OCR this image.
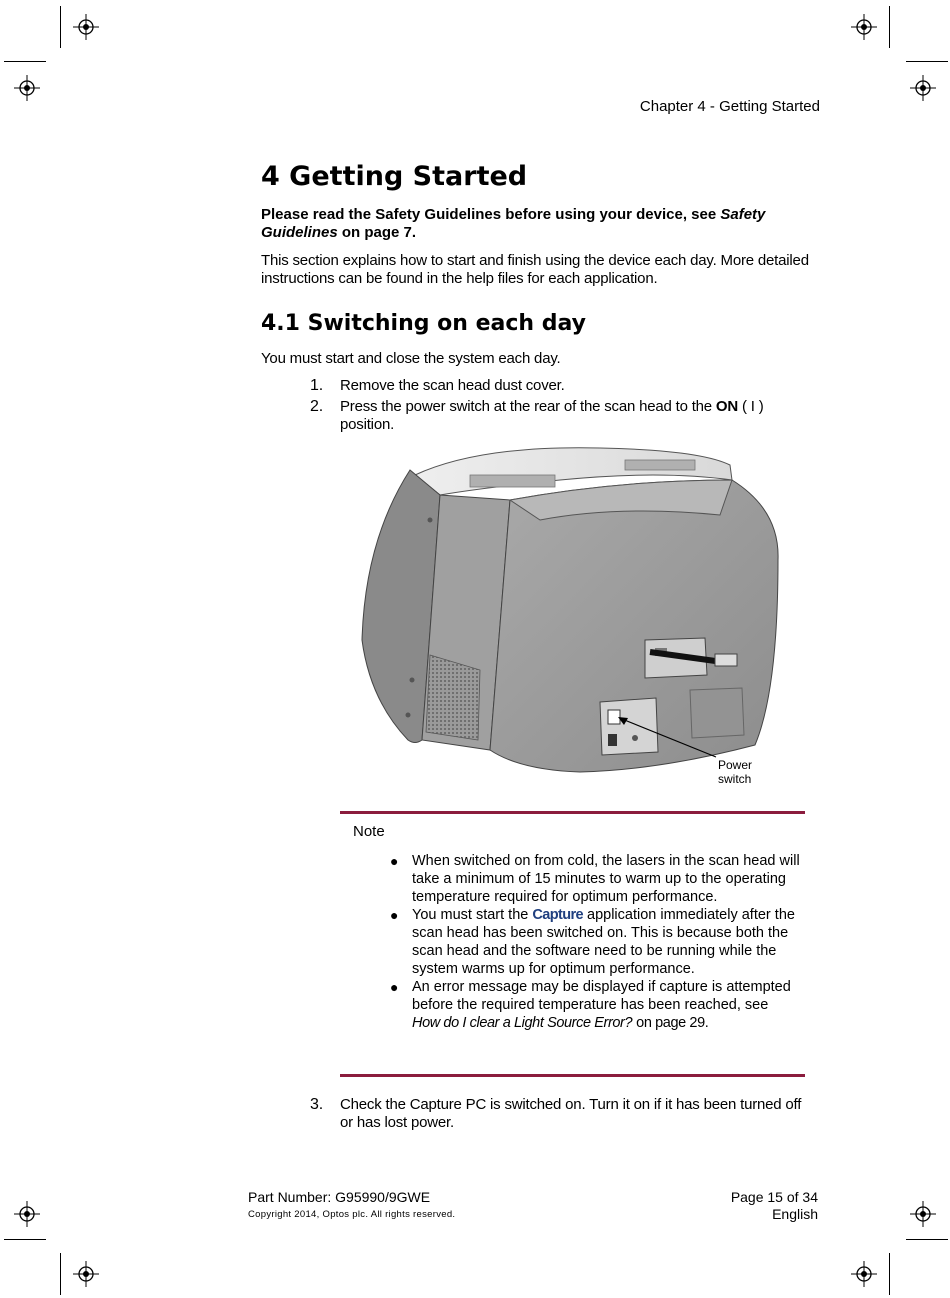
Chapter 4 - Getting Started
4 Getting Started
Please read the Safety Guidelines before using your device, see Safety Guidelines on page 7.
This section explains how to start and finish using the device each day. More detailed instructions can be found in the help files for each application.
4.1 Switching on each day
You must start and close the system each day.
1.	Remove the scan head dust cover.
2.	Press the power switch at the rear of the scan head to the ON ( I ) position.
Power switch
Note
● When switched on from cold, the lasers in the scan head will take a minimum of 15 minutes to warm up to the operating temperature required for optimum performance.
● You must start the Capture application immediately after the scan head has been switched on. This is because both the scan head and the software need to be running while the system warms up for optimum performance.
● An error message may be displayed if capture is attempted before the required temperature has been reached, see How do I clear a Light Source Error? on page 29.
3.	Check the Capture PC is switched on. Turn it on if it has been turned off or has lost power.
Part Number: G95990/9GWE
Copyright 2014, Optos plc. All rights reserved.
Page 15 of 34
English
